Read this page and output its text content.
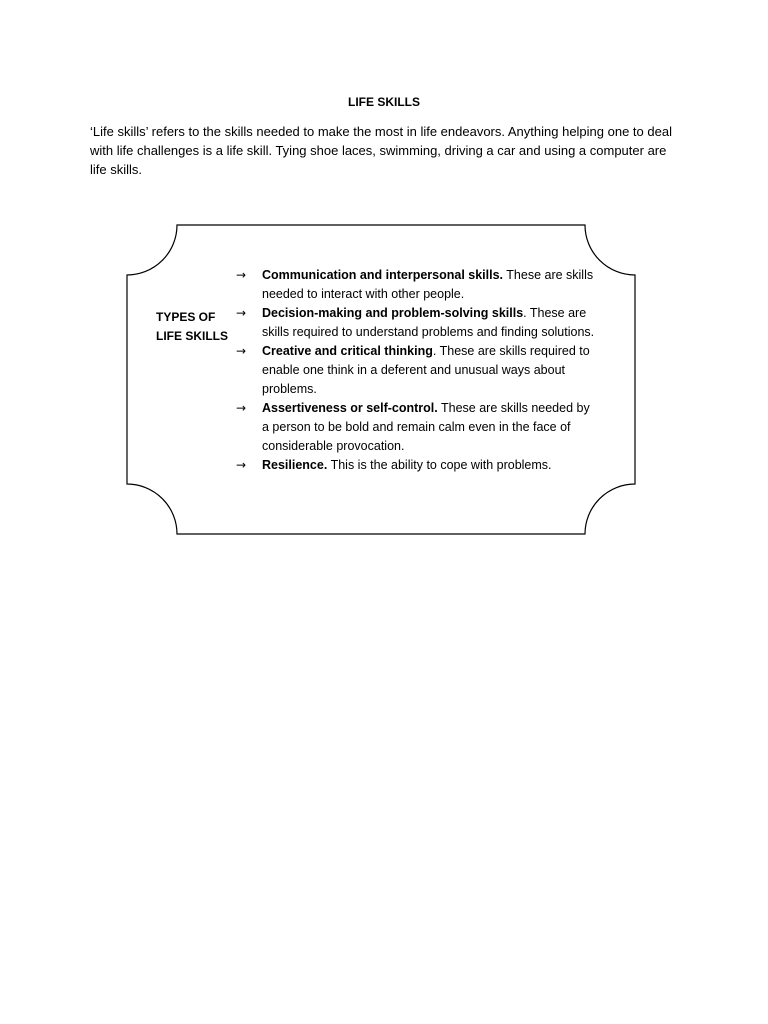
LIFE SKILLS
‘Life skills’ refers to the skills needed to make the most in life endeavors. Anything helping one to deal with life challenges is a life skill. Tying shoe laces, swimming, driving a car and using a computer are life skills.
TYPES OF LIFE SKILLS
→	Communication and interpersonal skills. These are skills needed to interact with other people.
→	Decision-making and problem-solving skills. These are skills required to understand problems and finding solutions.
→	Creative and critical thinking. These are skills required to enable one think in a deferent and unusual ways about problems.
→	Assertiveness or self-control. These are skills needed by a person to be bold and remain calm even in the face of considerable provocation.
→	Resilience. This is the ability to cope with problems.
